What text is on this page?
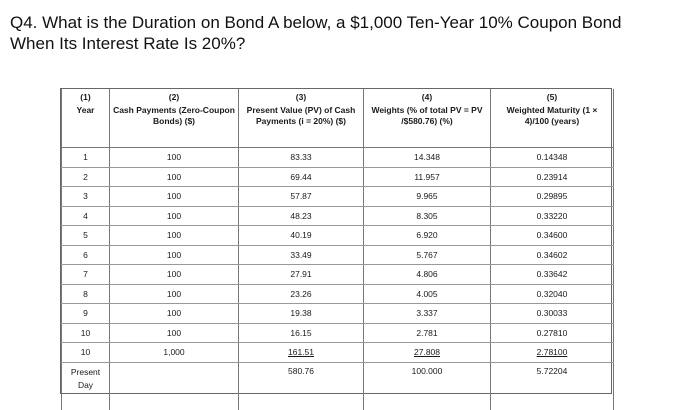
Q4. What is the Duration on Bond A below, a $1,000 Ten-Year 10% Coupon Bond
When Its Interest Rate Is 20%?
(1)	(2)	(3)	(4)	(5)
Year	Cash Payments (Zero-Coupon Bonds) ($)	Present Value (PV) of Cash Payments (i = 20%) ($)	Weights (% of total PV = PV /$580.76) (%)	Weighted Maturity (1 × 4)/100 (years)
1	100	83.33	14.348	0.14348
2	100	69.44	11.957	0.23914
3	100	57.87	9.965	0.29895
4	100	48.23	8.305	0.33220
5	100	40.19	6.920	0.34600
6	100	33.49	5.767	0.34602
7	100	27.91	4.806	0.33642
8	100	23.26	4.005	0.32040
9	100	19.38	3.337	0.30033
10	100	16.15	2.781	0.27810
10	1,000	161.51	27.808	2.78100
Present Day		580.76	100.000	5.72204
